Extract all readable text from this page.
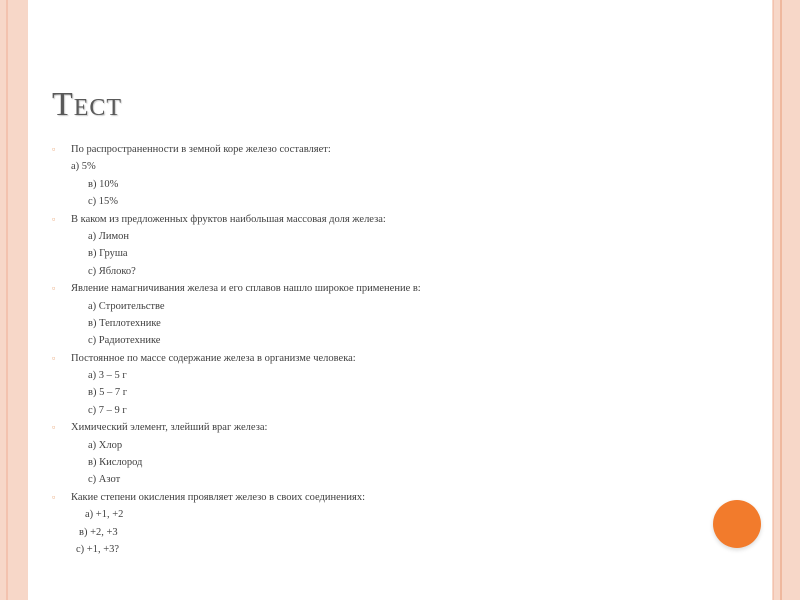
Тест
▫ По распространенности в земной коре железо составляет:
а) 5%
в) 10%
с) 15%
▫ В каком из предложенных фруктов наибольшая массовая доля железа:
а) Лимон
в) Груша
с) Яблоко?
▫ Явление намагничивания железа и его сплавов нашло широкое применение в:
а) Строительстве
в) Теплотехнике
с) Радиотехнике
▫ Постоянное по массе содержание железа в организме человека:
а) 3 – 5 г
в) 5 – 7 г
с) 7 – 9 г
▫ Химический элемент, злейший враг железа:
а) Хлор
в) Кислород
с) Азот
▫ Какие степени окисления проявляет железо в своих соединениях:
а) +1, +2
в) +2, +3
с) +1, +3?
